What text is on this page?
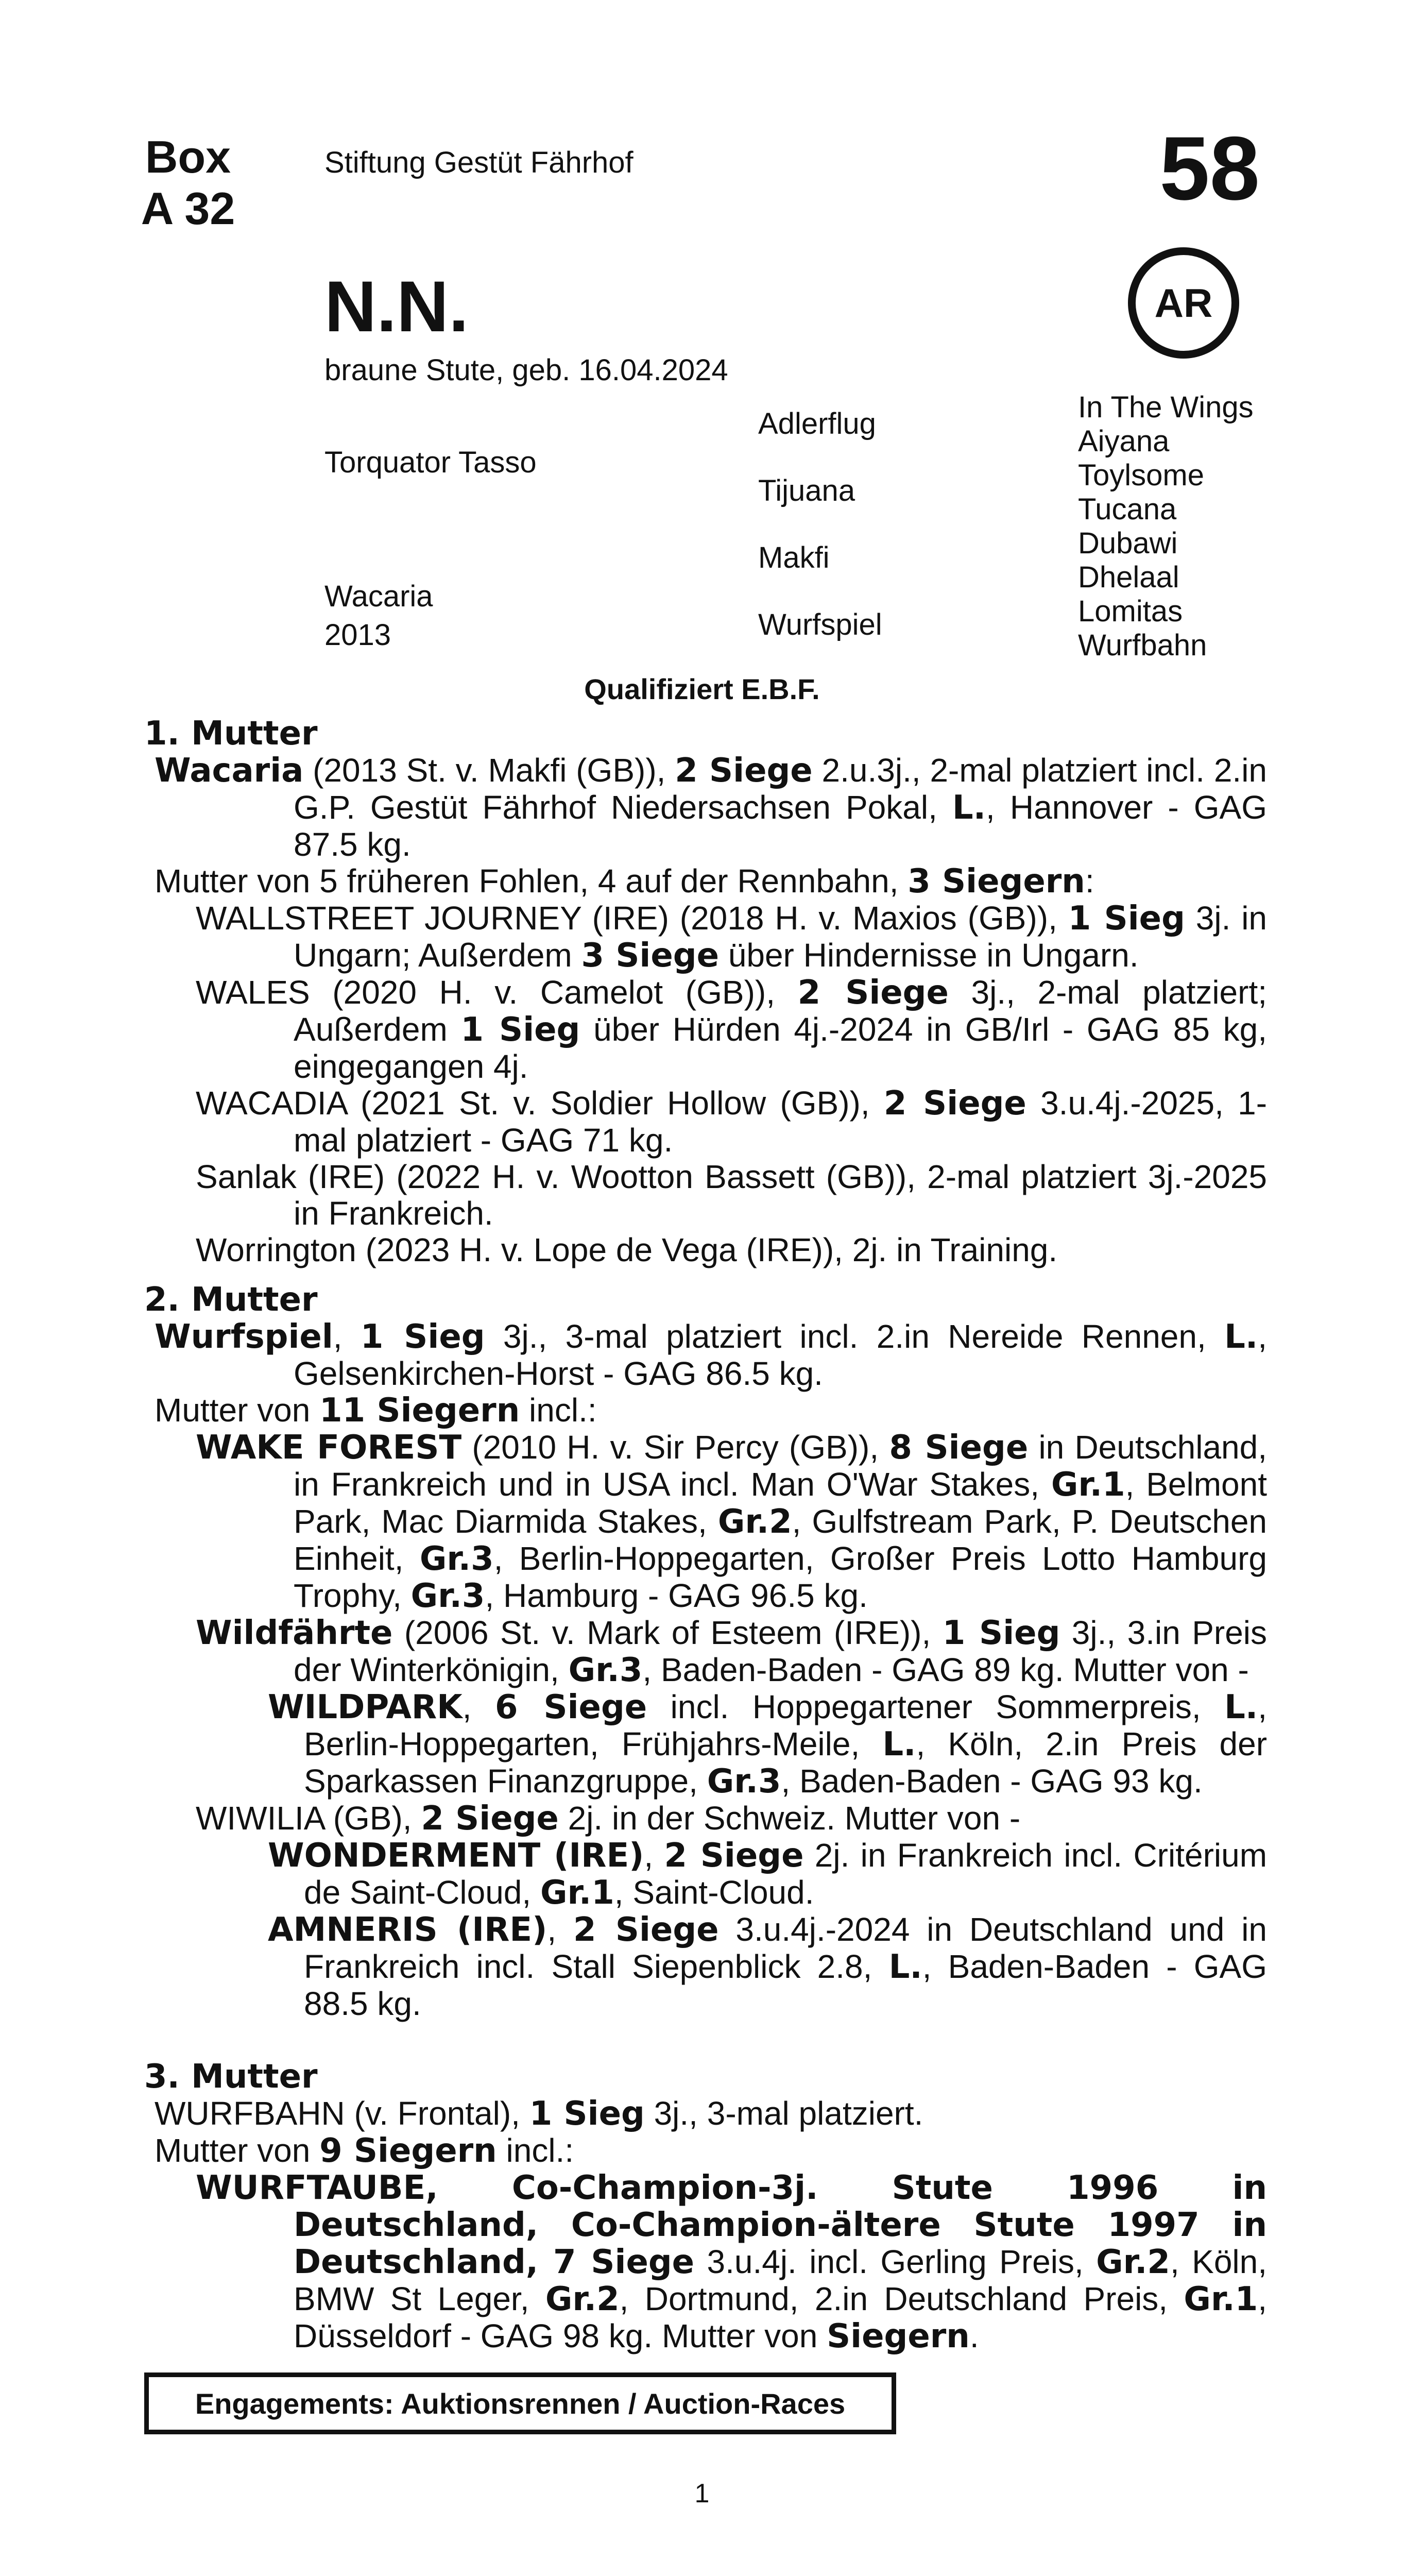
Box
A 32
Stiftung Gestüt Fährhof	58
AR
N.N.
braune Stute, geb. 16.04.2024
Torquator Tasso
Wacaria
2013
Adlerflug
Tijuana
Makfi
Wurfspiel
In The Wings
Aiyana
Toylsome
Tucana
Dubawi
Dhelaal
Lomitas
Wurfbahn
Qualifiziert E.B.F.

1. Mutter

Wacaria (2013 St. v. Makfi (GB)), 2 Siege 2.u.3j., 2-mal platziert incl. 2.in G.P. Gestüt Fährhof Niedersachsen Pokal, L., Hannover - GAG 87.5 kg.

Mutter von 5 früheren Fohlen, 4 auf der Rennbahn, 3 Siegern:

WALLSTREET JOURNEY (IRE) (2018 H. v. Maxios (GB)), 1 Sieg 3j. in Ungarn; Außerdem 3 Siege über Hindernisse in Ungarn.

WALES (2020 H. v. Camelot (GB)), 2 Siege 3j., 2-mal platziert; Außerdem 1 Sieg über Hürden 4j.-2024 in GB/Irl - GAG 85 kg, eingegangen 4j.

WACADIA (2021 St. v. Soldier Hollow (GB)), 2 Siege 3.u.4j.-2025, 1-mal platziert - GAG 71 kg.

Sanlak (IRE) (2022 H. v. Wootton Bassett (GB)), 2-mal platziert 3j.-2025 in Frankreich.

Worrington (2023 H. v. Lope de Vega (IRE)), 2j. in Training.

2. Mutter

Wurfspiel, 1 Sieg 3j., 3-mal platziert incl. 2.in Nereide Rennen, L., Gelsenkirchen-Horst - GAG 86.5 kg.

Mutter von 11 Siegern incl.:

WAKE FOREST (2010 H. v. Sir Percy (GB)), 8 Siege in Deutschland, in Frankreich und in USA incl. Man O'War Stakes, Gr.1, Belmont Park, Mac Diarmida Stakes, Gr.2, Gulfstream Park, P. Deutschen Einheit, Gr.3, Berlin-Hoppegarten, Großer Preis Lotto Hamburg Trophy, Gr.3, Hamburg - GAG 96.5 kg.

Wildfährte (2006 St. v. Mark of Esteem (IRE)), 1 Sieg 3j., 3.in Preis der Winterkönigin, Gr.3, Baden-Baden - GAG 89 kg. Mutter von -

WILDPARK, 6 Siege incl. Hoppegartener Sommerpreis, L., Berlin-Hoppegarten, Frühjahrs-Meile, L., Köln, 2.in Preis der Sparkassen Finanzgruppe, Gr.3, Baden-Baden - GAG 93 kg.

WIWILIA (GB), 2 Siege 2j. in der Schweiz. Mutter von -

WONDERMENT (IRE), 2 Siege 2j. in Frankreich incl. Critérium de Saint-Cloud, Gr.1, Saint-Cloud.

AMNERIS (IRE), 2 Siege 3.u.4j.-2024 in Deutschland und in Frankreich incl. Stall Siepenblick 2.8, L., Baden-Baden - GAG 88.5 kg.

3. Mutter

WURFBAHN (v. Frontal), 1 Sieg 3j., 3-mal platziert.

Mutter von 9 Siegern incl.:

WURFTAUBE, Co-Champion-3j. Stute 1996 in Deutschland, Co-Champion-ältere Stute 1997 in Deutschland, 7 Siege 3.u.4j. incl. Gerling Preis, Gr.2, Köln, BMW St Leger, Gr.2, Dortmund, 2.in Deutschland Preis, Gr.1, Düsseldorf - GAG 98 kg. Mutter von Siegern.

Engagements: Auktionsrennen / Auction-Races
1
